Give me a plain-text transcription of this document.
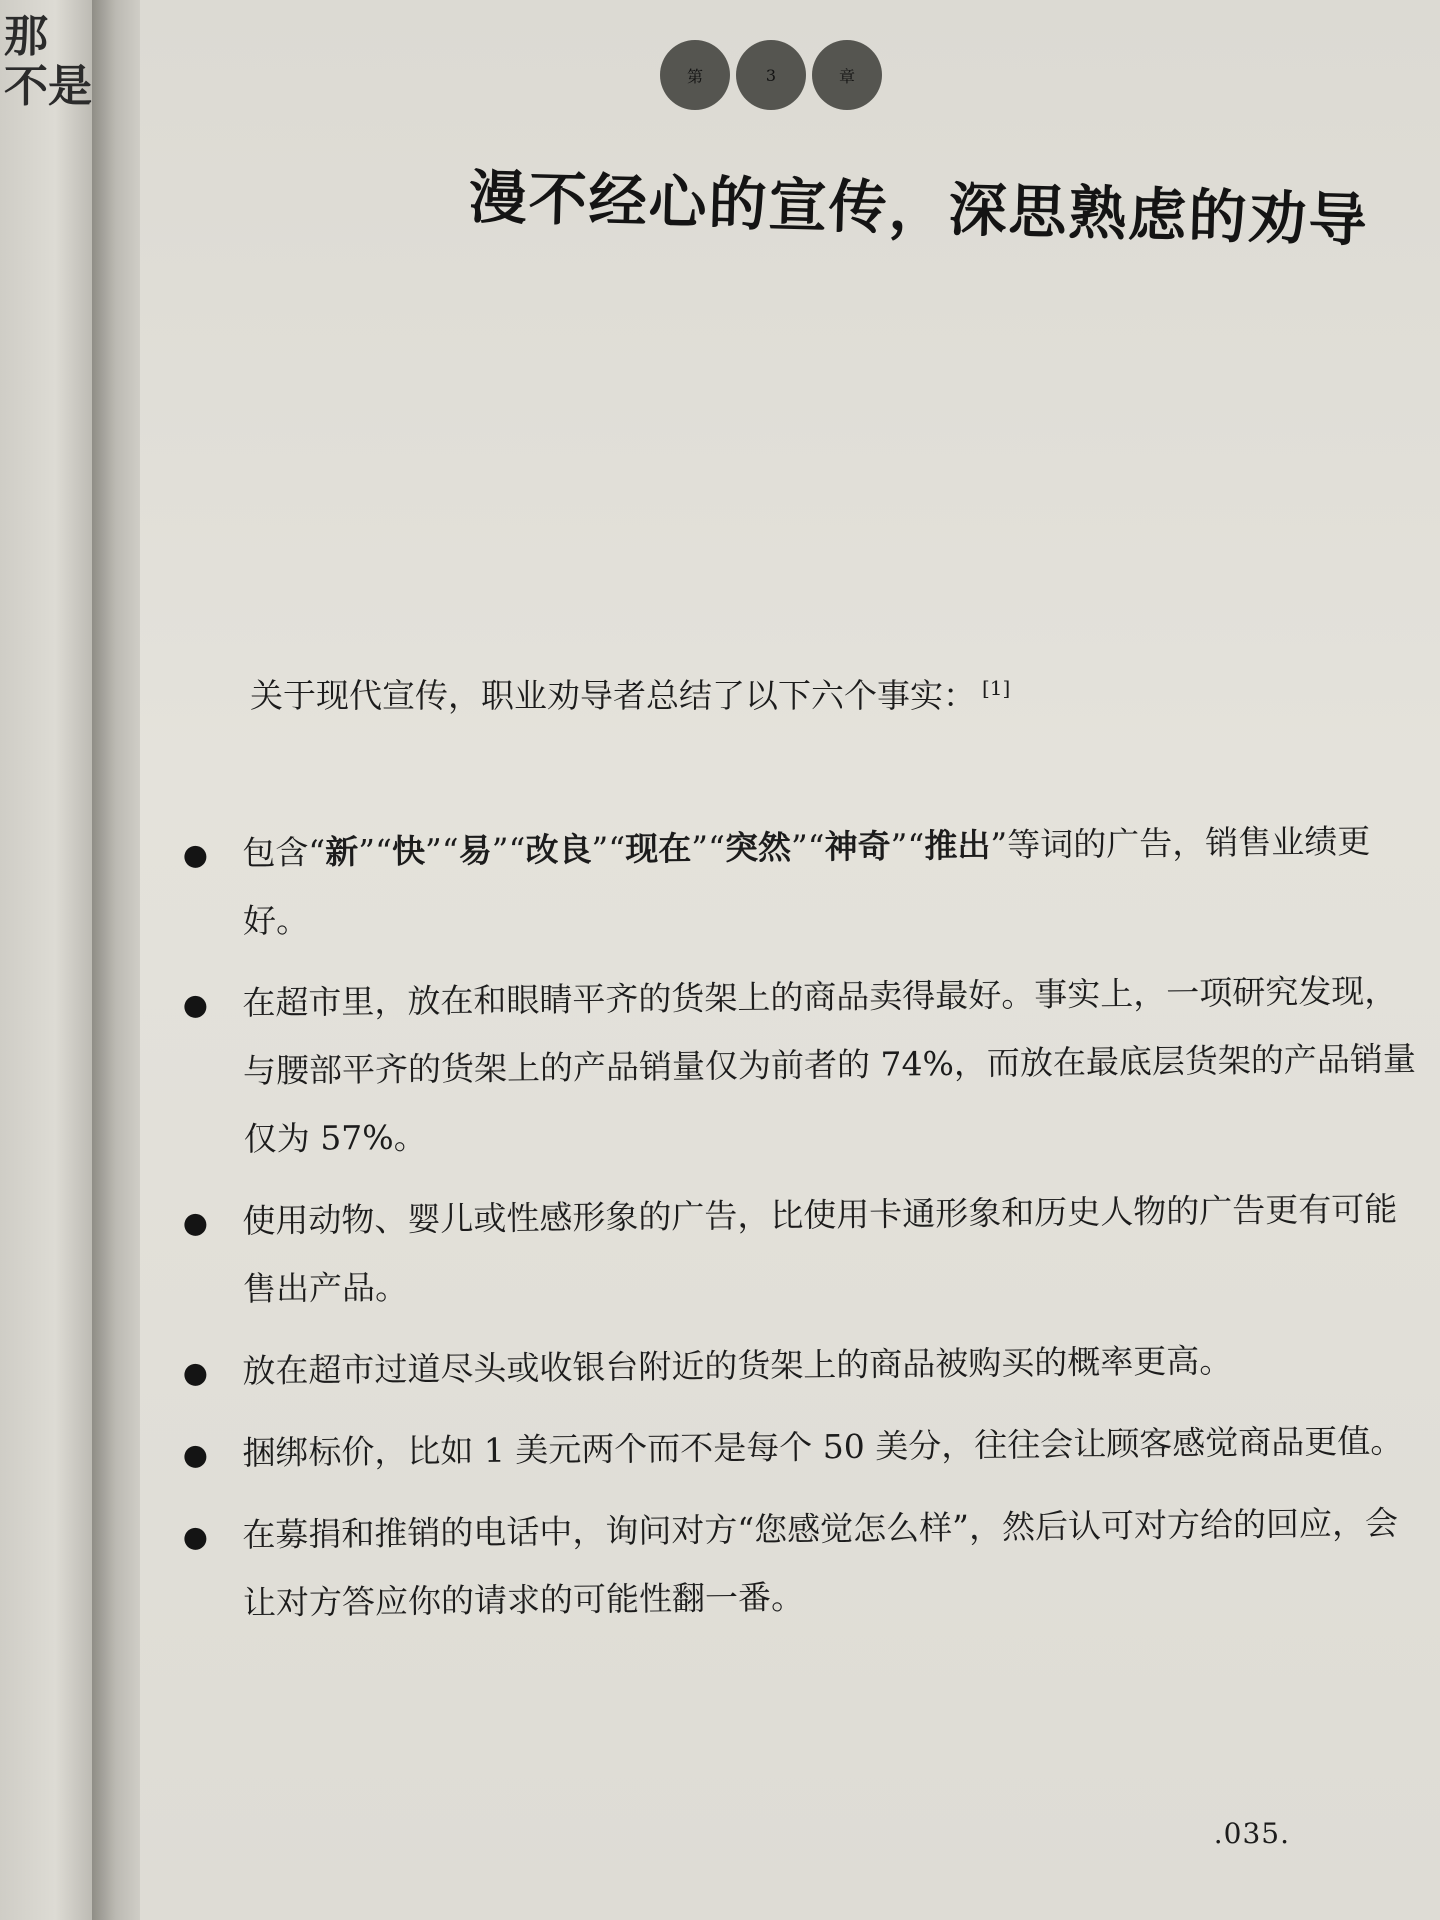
那
不是	第	3	章
漫不经心的宣传，深思熟虑的劝导
关于现代宣传，职业劝导者总结了以下六个事实： [1]
包含“新”“快”“易”“改良”“现在”“突然”“神奇”“推出”等词的广告，销售业绩更好。
在超市里，放在和眼睛平齐的货架上的商品卖得最好。事实上，一项研究发现，与腰部平齐的货架上的产品销量仅为前者的 74%，而放在最底层货架的产品销量仅为 57%。
使用动物、婴儿或性感形象的广告，比使用卡通形象和历史人物的广告更有可能售出产品。
放在超市过道尽头或收银台附近的货架上的商品被购买的概率更高。
捆绑标价，比如 1 美元两个而不是每个 50 美分，往往会让顾客感觉商品更值。
在募捐和推销的电话中，询问对方“您感觉怎么样”，然后认可对方给的回应，会让对方答应你的请求的可能性翻一番。
.035.
